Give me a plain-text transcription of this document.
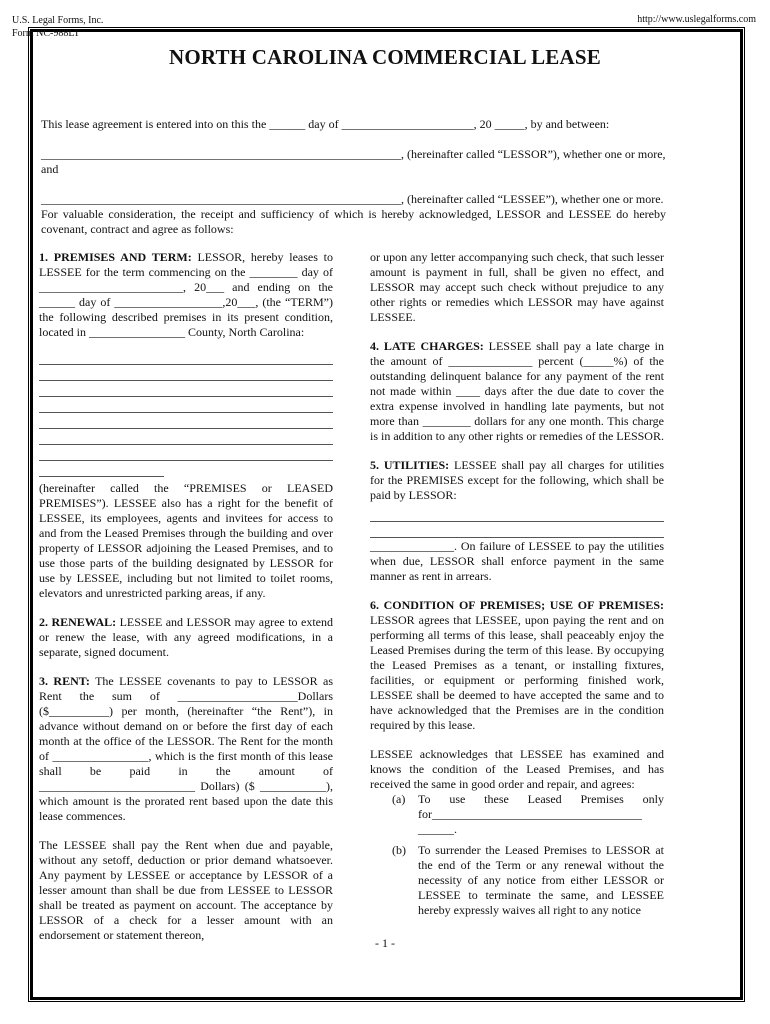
U.S. Legal Forms, Inc.
Form NC-988LT
http://www.uslegalforms.com
NORTH CAROLINA COMMERCIAL LEASE
This lease agreement is entered into on this the ______ day of ______________________, 20 _____, by and between:
____________________________________________________________, (hereinafter called “LESSOR”), whether one or more,
and
____________________________________________________________, (hereinafter called “LESSEE”), whether one or more.
For valuable consideration, the receipt and sufficiency of which is hereby acknowledged, LESSOR and LESSEE do hereby covenant, contract and agree as follows:

1. PREMISES AND TERM: LESSOR, hereby leases to LESSEE for the term commencing on the ________ day of ________________________, 20___ and ending on the ______ day of __________________,20___, (the “TERM”) the following described premises in its present condition, located in ________________ County, North Carolina:

(hereinafter called the “PREMISES or LEASED PREMISES”). LESSEE also has a right for the benefit of LESSEE, its employees, agents and invitees for access to and from the Leased Premises through the building and over property of LESSOR adjoining the Leased Premises, and to use those parts of the building designated by LESSOR for use by LESSEE, including but not limited to toilet rooms, elevators and unrestricted parking areas, if any.

2. RENEWAL: LESSEE and LESSOR may agree to extend or renew the lease, with any agreed modifications, in a separate, signed document.

3. RENT: The LESSEE covenants to pay to LESSOR as Rent the sum of ____________________Dollars ($__________) per month, (hereinafter “the Rent”), in advance without demand on or before the first day of each month at the office of the LESSOR. The Rent for the month of ________________, which is the first month of this lease shall be paid in the amount of __________________________ Dollars) ($ ___________), which amount is the prorated rent based upon the date this lease commences.

The LESSEE shall pay the Rent when due and payable, without any setoff, deduction or prior demand whatsoever. Any payment by LESSEE or acceptance by LESSOR of a lesser amount than shall be due from LESSEE to LESSOR shall be treated as payment on account. The acceptance by LESSOR of a check for a lesser amount with an endorsement or statement thereon,

or upon any letter accompanying such check, that such lesser amount is payment in full, shall be given no effect, and LESSOR may accept such check without prejudice to any other rights or remedies which LESSOR may have against LESSEE.

4. LATE CHARGES: LESSEE shall pay a late charge in the amount of ______________ percent (_____%) of the outstanding delinquent balance for any payment of the rent not made within ____ days after the due date to cover the extra expense involved in handling late payments, but not more than ________ dollars for any one month. This charge is in addition to any other rights or remedies of the LESSOR.

5. UTILITIES: LESSEE shall pay all charges for utilities for the PREMISES except for the following, which shall be paid by LESSOR:

______________. On failure of LESSEE to pay the utilities when due, LESSOR shall enforce payment in the same manner as rent in arrears.

6. CONDITION OF PREMISES; USE OF PREMISES: LESSOR agrees that LESSEE, upon paying the rent and on performing all terms of this lease, shall peaceably enjoy the Leased Premises during the term of this lease. By occupying the Leased Premises as a tenant, or installing fixtures, facilities, or equipment or performing finished work, LESSEE shall be deemed to have accepted the same and to have acknowledged that the Premises are in the condition required by this lease.

LESSEE acknowledges that LESSEE has examined and knows the condition of the Leased Premises, and has received the same in good order and repair, and agrees:

(a)	To use these Leased Premises only for___________________________________ ______.
(b)	To surrender the Leased Premises to LESSOR at the end of the Term or any renewal without the necessity of any notice from either LESSOR or LESSEE to terminate the same, and LESSEE hereby expressly waives all right to any notice
- 1 -
